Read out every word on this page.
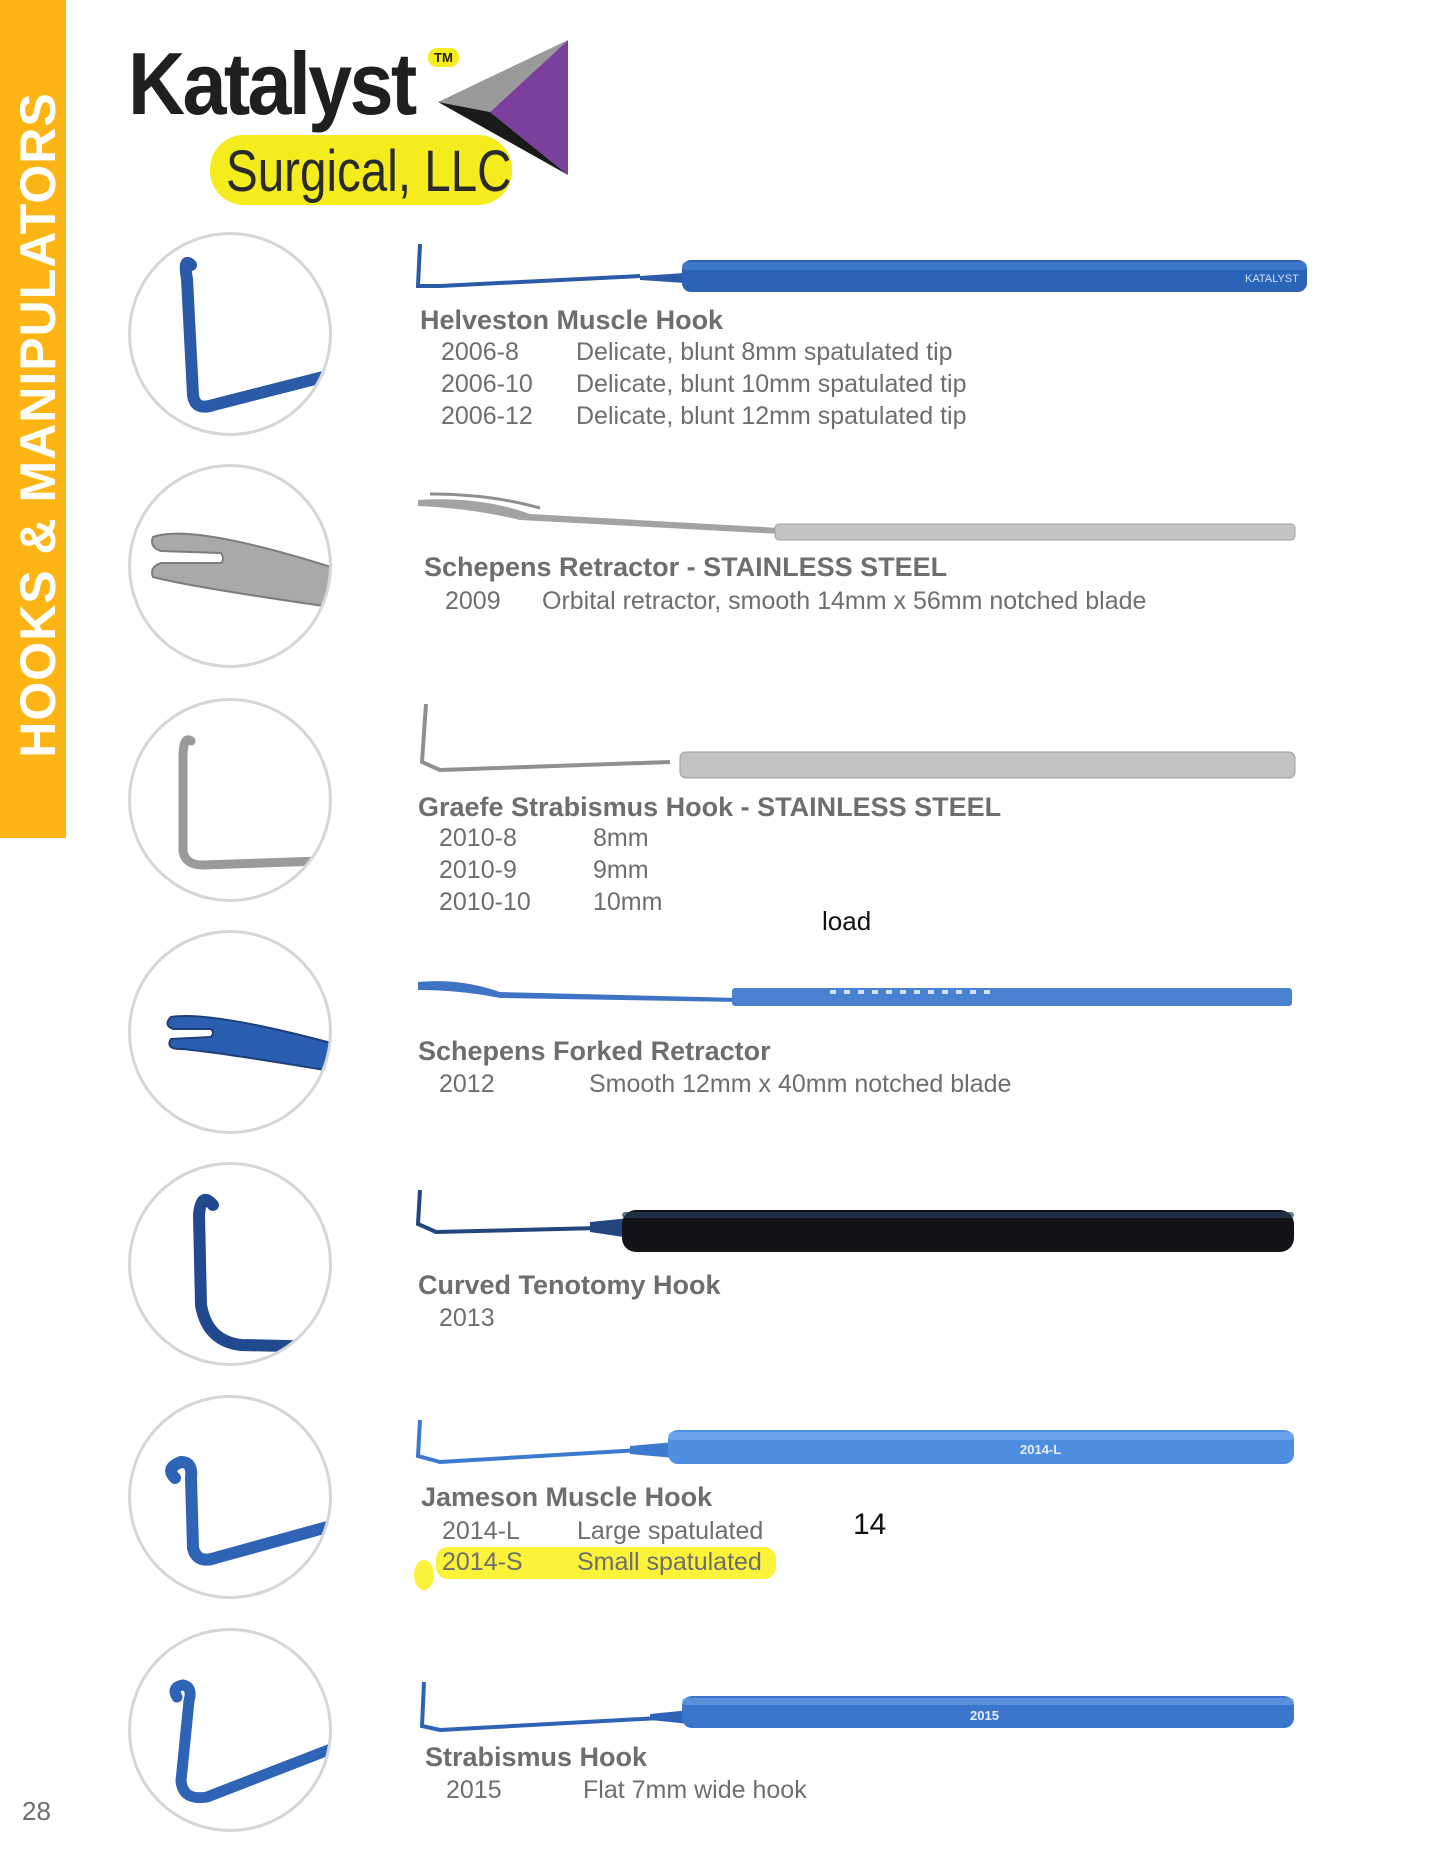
HOOKS & MANIPULATORS
Katalyst	TM
Surgical, LLC
KATALYST
Helveston Muscle Hook
2006-8 Delicate, blunt 8mm spatulated tip
2006-10 Delicate, blunt 10mm spatulated tip
2006-12 Delicate, blunt 12mm spatulated tip
Schepens Retractor - STAINLESS STEEL
2009 Orbital retractor, smooth 14mm x 56mm notched blade
Graefe Strabismus Hook - STAINLESS STEEL
2010-8	8mm
2010-9	9mm
2010-10 10mm
load
Schepens Forked Retractor
2012	Smooth 12mm x 40mm notched blade
Curved Tenotomy Hook
2013
2014-L
Jameson Muscle Hook
2014-L Large spatulated
2014-S Small spatulated
14
2015
Strabismus Hook
2015	Flat 7mm wide hook
28
